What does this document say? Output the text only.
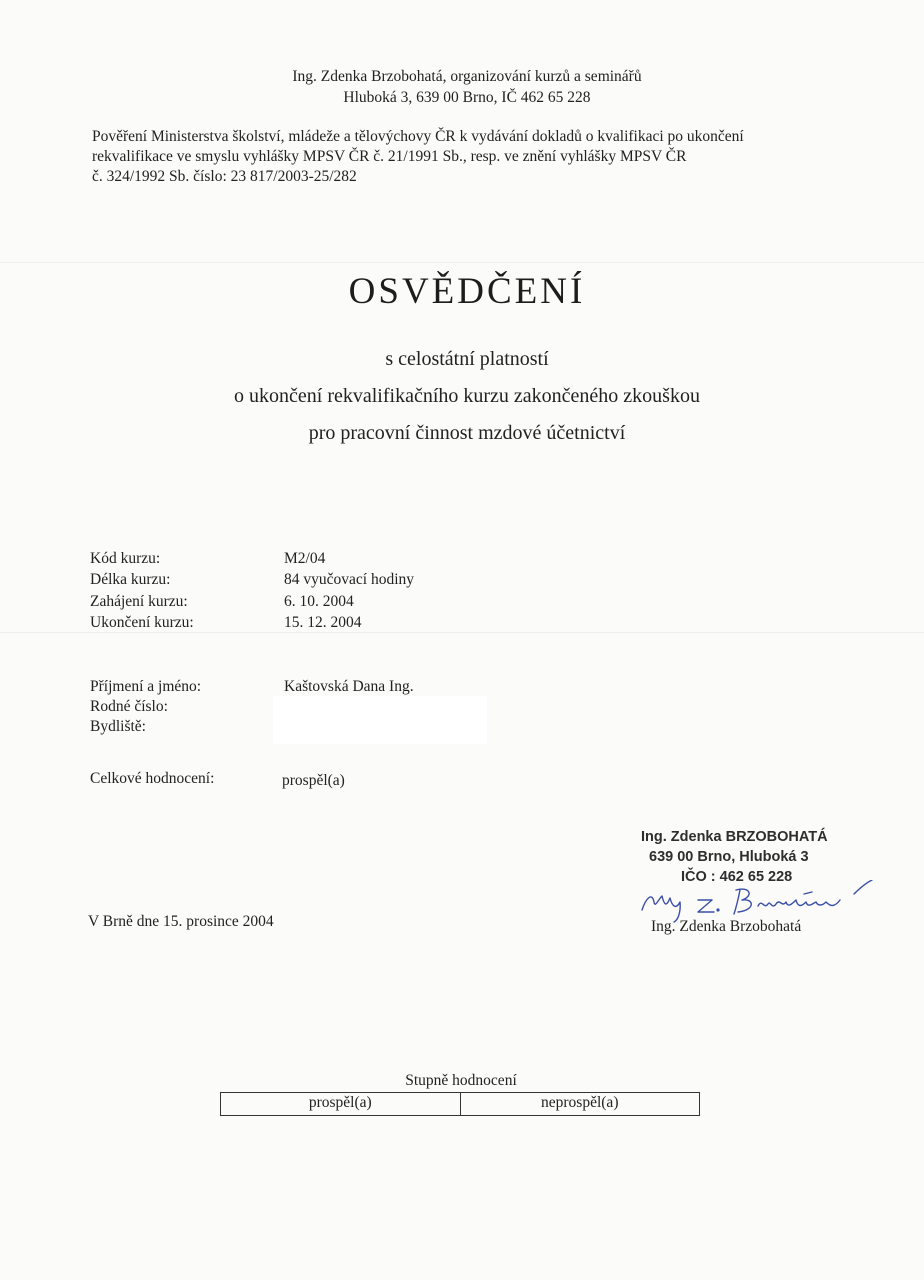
Ing. Zdenka Brzobohatá, organizování kurzů a seminářů
Hluboká 3, 639 00 Brno, IČ 462 65 228
Pověření Ministerstva školství, mládeže a tělovýchovy ČR k vydávání dokladů o kvalifikaci po ukončení
rekvalifikace ve smyslu vyhlášky MPSV ČR č. 21/1991 Sb., resp. ve znění vyhlášky MPSV ČR
č. 324/1992 Sb. číslo: 23 817/2003-25/282
OSVĚDČENÍ
s celostátní platností
o ukončení rekvalifikačního kurzu zakončeného zkouškou
pro pracovní činnost mzdové účetnictví
Kód kurzu:	M2/04
Délka kurzu:	84 vyučovací hodiny
Zahájení kurzu:	6. 10. 2004
Ukončení kurzu:	15. 12. 2004
Příjmení a jméno:	Kaštovská Dana Ing.
Rodné číslo:
Bydliště:
Celkové hodnocení:	prospěl(a)
Ing. Zdenka BRZOBOHATÁ
639 00 Brno, Hluboká 3
IČO : 462 65 228
Ing. Zdenka Brzobohatá
V Brně dne 15. prosince 2004
Stupně hodnocení
prospěl(a)	neprospěl(a)
